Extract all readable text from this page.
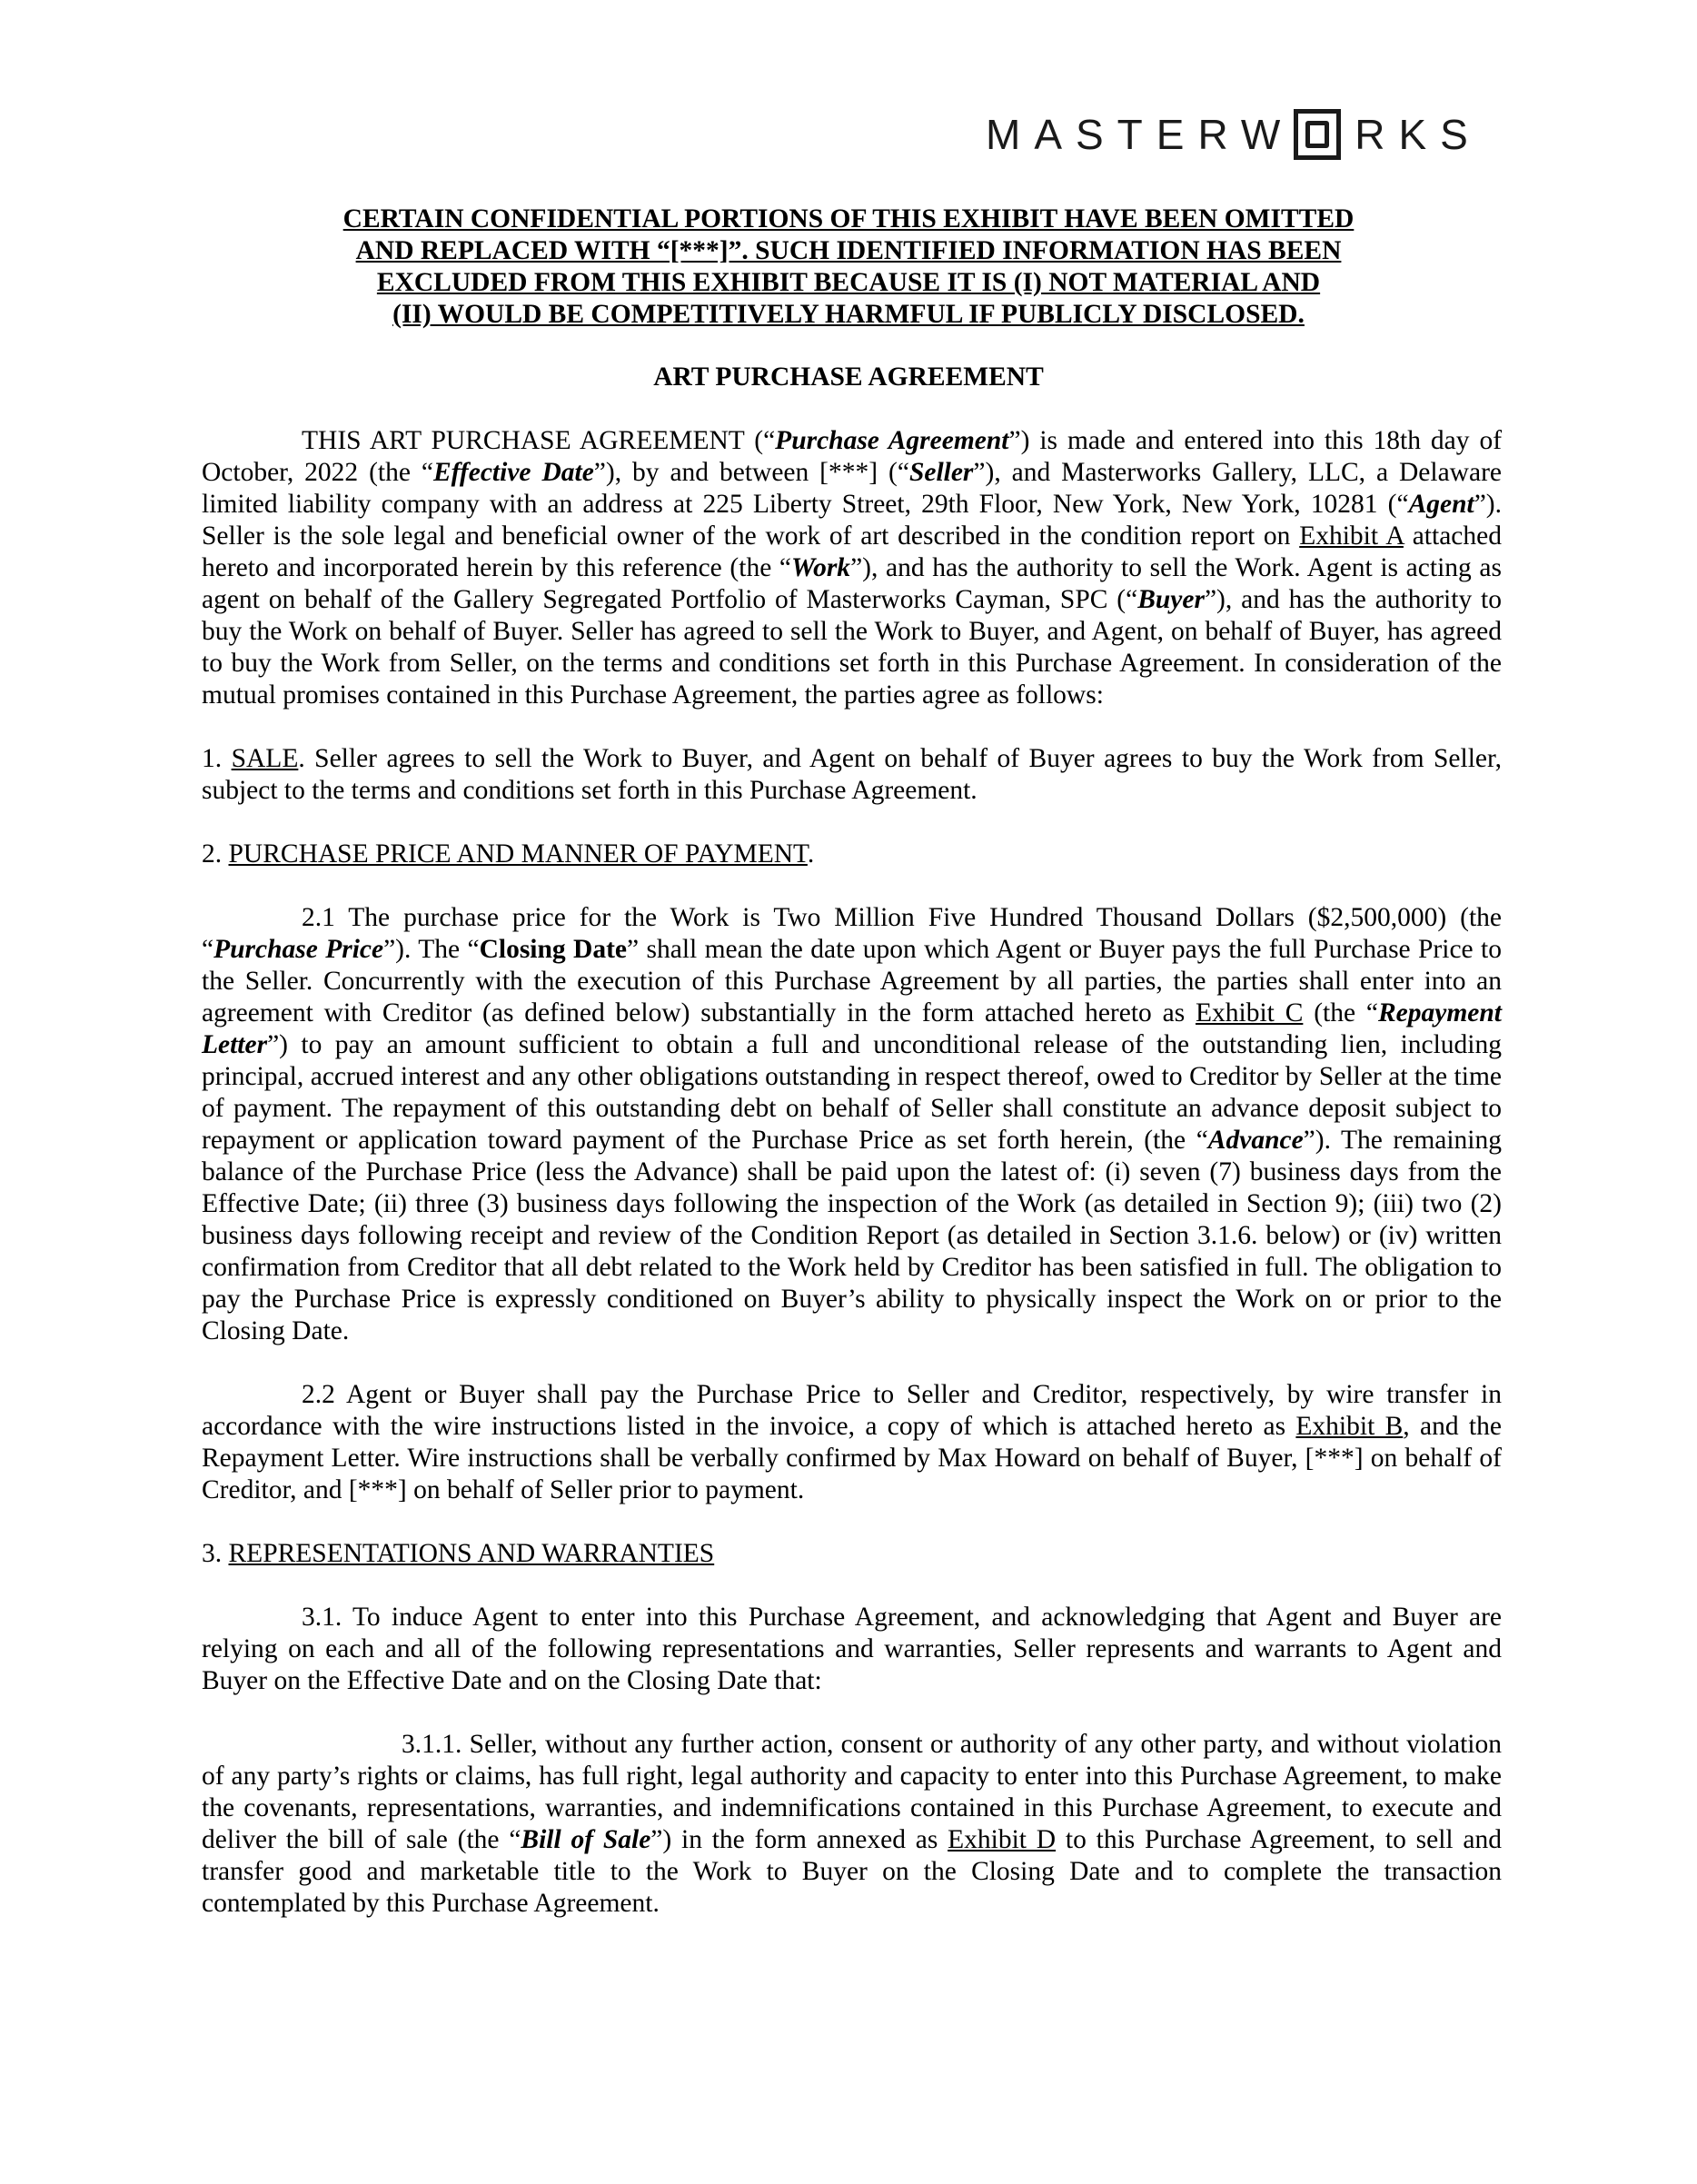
MASTERW RKS
CERTAIN CONFIDENTIAL PORTIONS OF THIS EXHIBIT HAVE BEEN OMITTED
AND REPLACED WITH “[***]”. SUCH IDENTIFIED INFORMATION HAS BEEN
EXCLUDED FROM THIS EXHIBIT BECAUSE IT IS (I) NOT MATERIAL AND
(II) WOULD BE COMPETITIVELY HARMFUL IF PUBLICLY DISCLOSED.
ART PURCHASE AGREEMENT

THIS ART PURCHASE AGREEMENT (“Purchase Agreement”) is made and entered into this 18th day of October, 2022 (the “Effective Date”), by and between [***] (“Seller”), and Masterworks Gallery, LLC, a Delaware limited liability company with an address at 225 Liberty Street, 29th Floor, New York, New York, 10281 (“Agent”). Seller is the sole legal and beneficial owner of the work of art described in the condition report on Exhibit A attached hereto and incorporated herein by this reference (the “Work”), and has the authority to sell the Work. Agent is acting as agent on behalf of the Gallery Segregated Portfolio of Masterworks Cayman, SPC (“Buyer”), and has the authority to buy the Work on behalf of Buyer. Seller has agreed to sell the Work to Buyer, and Agent, on behalf of Buyer, has agreed to buy the Work from Seller, on the terms and conditions set forth in this Purchase Agreement. In consideration of the mutual promises contained in this Purchase Agreement, the parties agree as follows:

1. SALE. Seller agrees to sell the Work to Buyer, and Agent on behalf of Buyer agrees to buy the Work from Seller, subject to the terms and conditions set forth in this Purchase Agreement.

2. PURCHASE PRICE AND MANNER OF PAYMENT.

2.1 The purchase price for the Work is Two Million Five Hundred Thousand Dollars ($2,500,000) (the “Purchase Price”). The “Closing Date” shall mean the date upon which Agent or Buyer pays the full Purchase Price to the Seller. Concurrently with the execution of this Purchase Agreement by all parties, the parties shall enter into an agreement with Creditor (as defined below) substantially in the form attached hereto as Exhibit C (the “Repayment Letter”) to pay an amount sufficient to obtain a full and unconditional release of the outstanding lien, including principal, accrued interest and any other obligations outstanding in respect thereof, owed to Creditor by Seller at the time of payment. The repayment of this outstanding debt on behalf of Seller shall constitute an advance deposit subject to repayment or application toward payment of the Purchase Price as set forth herein, (the “Advance”). The remaining balance of the Purchase Price (less the Advance) shall be paid upon the latest of: (i) seven (7) business days from the Effective Date; (ii) three (3) business days following the inspection of the Work (as detailed in Section 9); (iii) two (2) business days following receipt and review of the Condition Report (as detailed in Section 3.1.6. below) or (iv) written confirmation from Creditor that all debt related to the Work held by Creditor has been satisfied in full. The obligation to pay the Purchase Price is expressly conditioned on Buyer’s ability to physically inspect the Work on or prior to the Closing Date.

2.2 Agent or Buyer shall pay the Purchase Price to Seller and Creditor, respectively, by wire transfer in accordance with the wire instructions listed in the invoice, a copy of which is attached hereto as Exhibit B, and the Repayment Letter. Wire instructions shall be verbally confirmed by Max Howard on behalf of Buyer, [***] on behalf of Creditor, and [***] on behalf of Seller prior to payment.

3. REPRESENTATIONS AND WARRANTIES

3.1. To induce Agent to enter into this Purchase Agreement, and acknowledging that Agent and Buyer are relying on each and all of the following representations and warranties, Seller represents and warrants to Agent and Buyer on the Effective Date and on the Closing Date that:

3.1.1. Seller, without any further action, consent or authority of any other party, and without violation of any party’s rights or claims, has full right, legal authority and capacity to enter into this Purchase Agreement, to make the covenants, representations, warranties, and indemnifications contained in this Purchase Agreement, to execute and deliver the bill of sale (the “Bill of Sale”) in the form annexed as Exhibit D to this Purchase Agreement, to sell and transfer good and marketable title to the Work to Buyer on the Closing Date and to complete the transaction contemplated by this Purchase Agreement.
